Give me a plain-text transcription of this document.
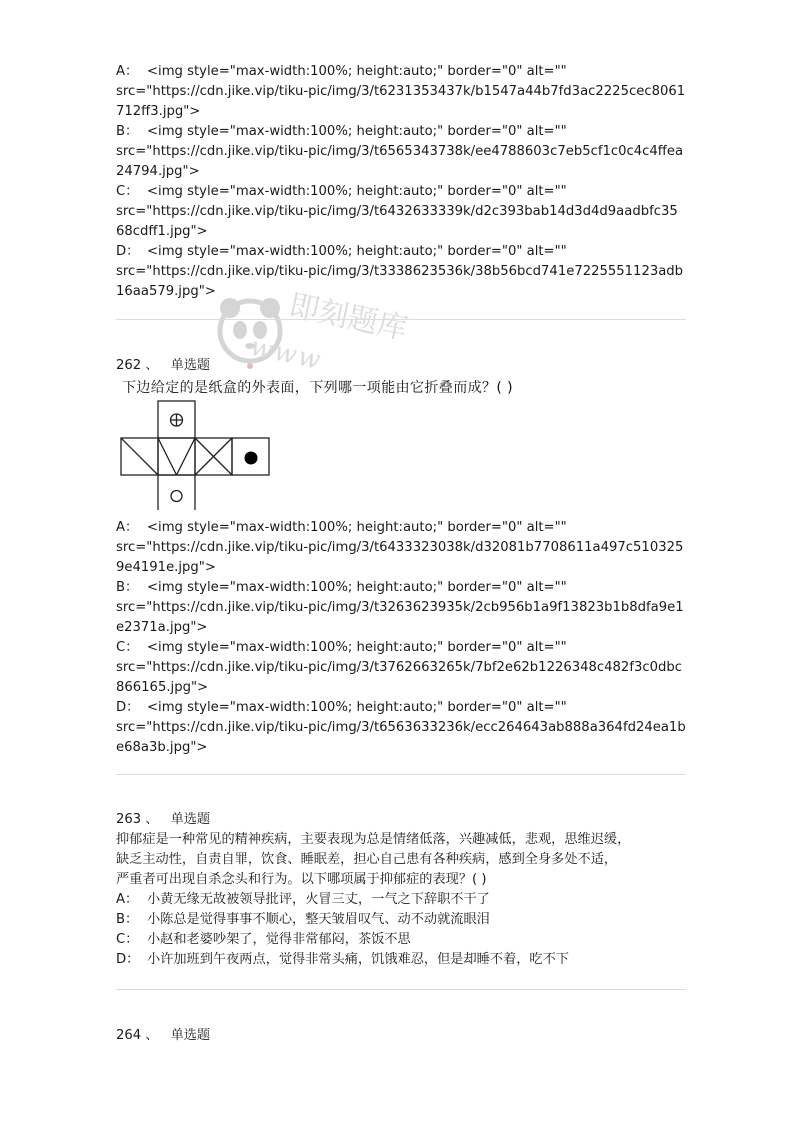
即刻题库
www
A： <img style="max-width:100%; height:auto;" border="0" alt=""
src="https://cdn.jike.vip/tiku-pic/img/3/t6231353437k/b1547a44b7fd3ac2225cec8061
712ff3.jpg">
B： <img style="max-width:100%; height:auto;" border="0" alt=""
src="https://cdn.jike.vip/tiku-pic/img/3/t6565343738k/ee4788603c7eb5cf1c0c4c4ffea
24794.jpg">
C： <img style="max-width:100%; height:auto;" border="0" alt=""
src="https://cdn.jike.vip/tiku-pic/img/3/t6432633339k/d2c393bab14d3d4d9aadbfc35
68cdff1.jpg">
D： <img style="max-width:100%; height:auto;" border="0" alt=""
src="https://cdn.jike.vip/tiku-pic/img/3/t3338623536k/38b56bcd741e7225551123adb
16aa579.jpg">
262 、 单选题
下边给定的是纸盒的外表面，下列哪一项能由它折叠而成？( )
A： <img style="max-width:100%; height:auto;" border="0" alt=""
src="https://cdn.jike.vip/tiku-pic/img/3/t6433323038k/d32081b7708611a497c510325
9e4191e.jpg">
B： <img style="max-width:100%; height:auto;" border="0" alt=""
src="https://cdn.jike.vip/tiku-pic/img/3/t3263623935k/2cb956b1a9f13823b1b8dfa9e1
e2371a.jpg">
C： <img style="max-width:100%; height:auto;" border="0" alt=""
src="https://cdn.jike.vip/tiku-pic/img/3/t3762663265k/7bf2e62b1226348c482f3c0dbc
866165.jpg">
D： <img style="max-width:100%; height:auto;" border="0" alt=""
src="https://cdn.jike.vip/tiku-pic/img/3/t6563633236k/ecc264643ab888a364fd24ea1b
e68a3b.jpg">
263 、 单选题
抑郁症是一种常见的精神疾病，主要表现为总是情绪低落，兴趣减低，悲观，思维迟缓，
缺乏主动性，自责自罪，饮食、睡眠差，担心自己患有各种疾病，感到全身多处不适，
严重者可出现自杀念头和行为。以下哪项属于抑郁症的表现？( )
A： 小黄无缘无故被领导批评，火冒三丈，一气之下辞职不干了
B： 小陈总是觉得事事不顺心，整天皱眉叹气、动不动就流眼泪
C： 小赵和老婆吵架了，觉得非常郁闷，茶饭不思
D： 小许加班到午夜两点，觉得非常头痛，饥饿难忍，但是却睡不着，吃不下
264 、 单选题
